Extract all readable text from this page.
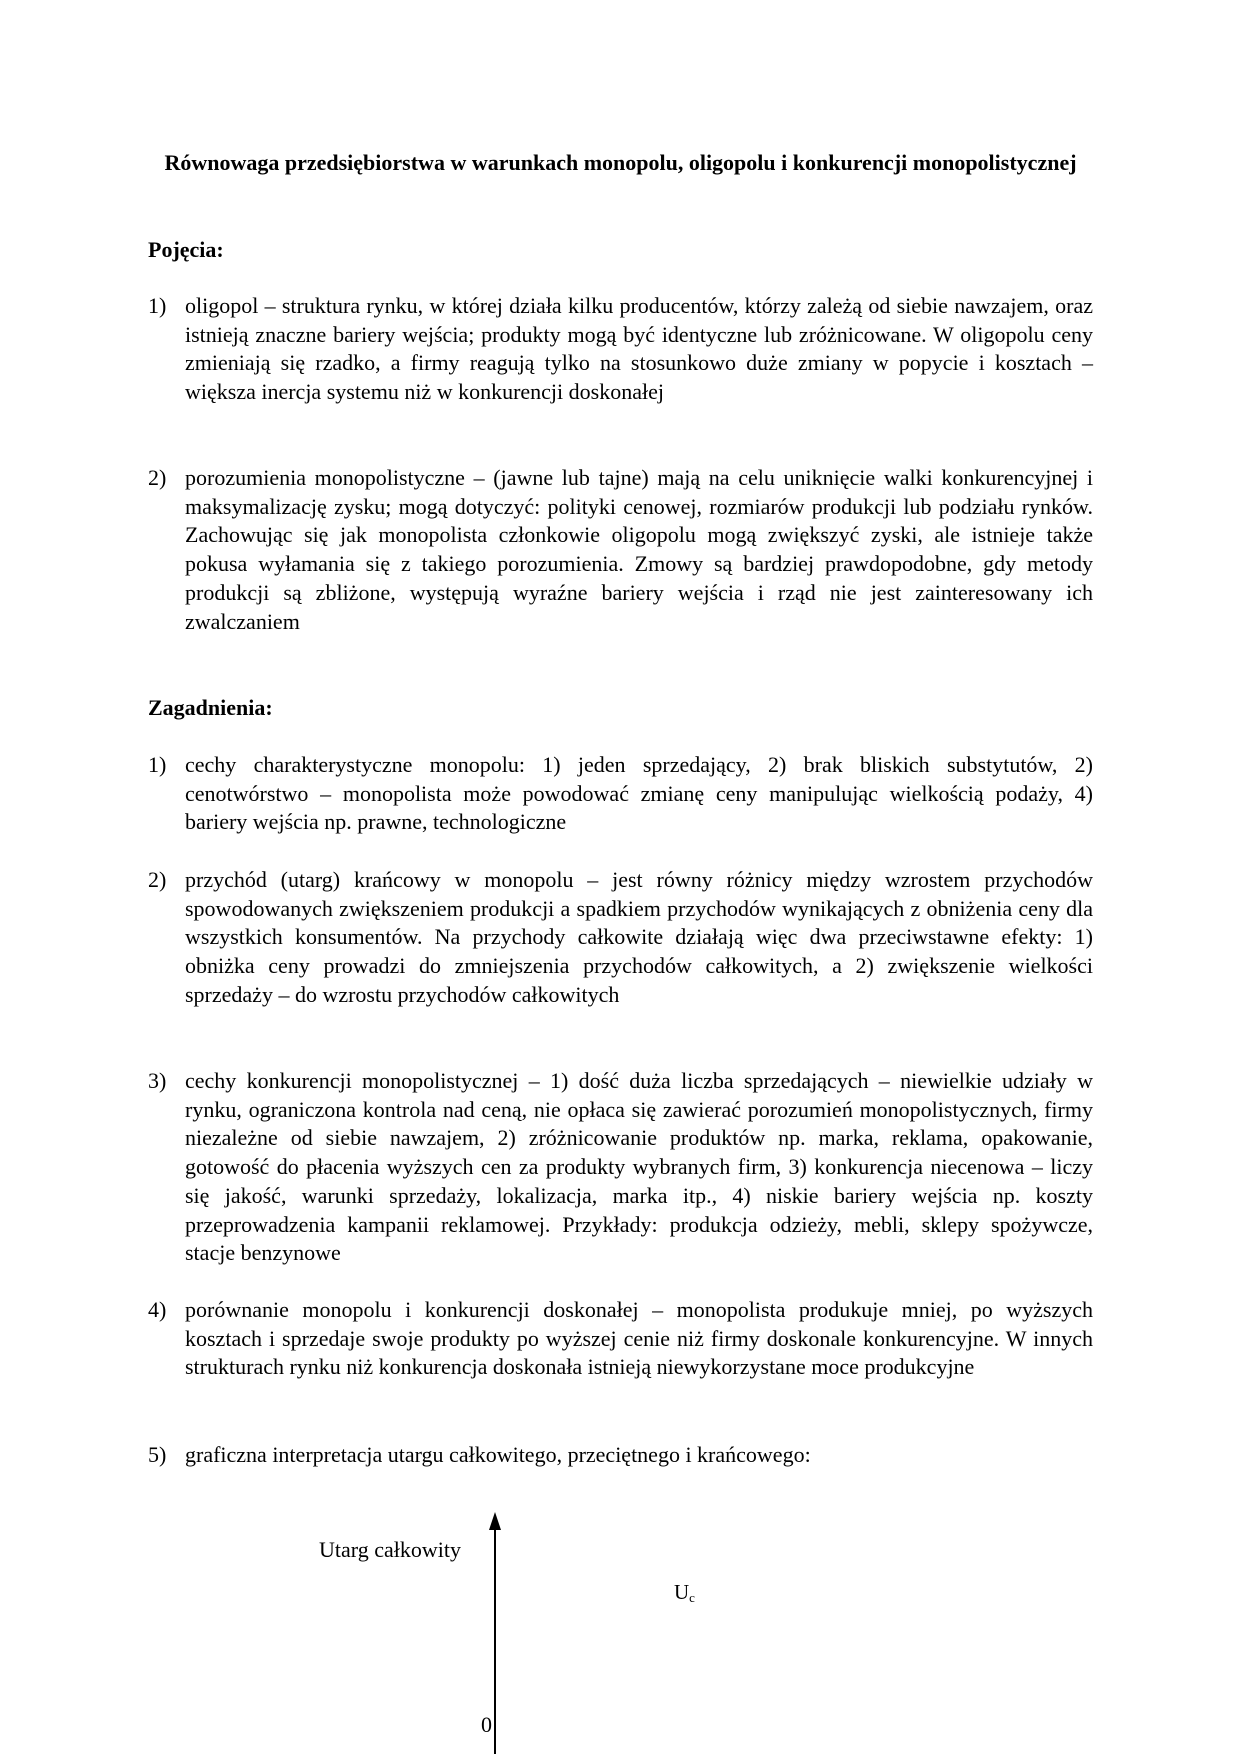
Równowaga przedsiębiorstwa w warunkach monopolu, oligopolu i konkurencji monopolistycznej
Pojęcia:
1) oligopol – struktura rynku, w której działa kilku producentów, którzy zależą od siebie nawzajem, oraz istnieją znaczne bariery wejścia; produkty mogą być identyczne lub zróżnicowane. W oligopolu ceny zmieniają się rzadko, a firmy reagują tylko na stosunkowo duże zmiany w popycie i kosztach – większa inercja systemu niż w konkurencji doskonałej
2) porozumienia monopolistyczne – (jawne lub tajne) mają na celu uniknięcie walki konkurencyjnej i maksymalizację zysku; mogą dotyczyć: polityki cenowej, rozmiarów produkcji lub podziału rynków. Zachowując się jak monopolista członkowie oligopolu mogą zwiększyć zyski, ale istnieje także pokusa wyłamania się z takiego porozumienia. Zmowy są bardziej prawdopodobne, gdy metody produkcji są zbliżone, występują wyraźne bariery wejścia i rząd nie jest zainteresowany ich zwalczaniem
Zagadnienia:
1) cechy charakterystyczne monopolu: 1) jeden sprzedający, 2) brak bliskich substytutów, 2) cenotwórstwo – monopolista może powodować zmianę ceny manipulując wielkością podaży, 4) bariery wejścia np. prawne, technologiczne
2) przychód (utarg) krańcowy w monopolu – jest równy różnicy między wzrostem przychodów spowodowanych zwiększeniem produkcji a spadkiem przychodów wynikających z obniżenia ceny dla wszystkich konsumentów. Na przychody całkowite działają więc dwa przeciwstawne efekty: 1) obniżka ceny prowadzi do zmniejszenia przychodów całkowitych, a 2) zwiększenie wielkości sprzedaży – do wzrostu przychodów całkowitych
3) cechy konkurencji monopolistycznej – 1) dość duża liczba sprzedających – niewielkie udziały w rynku, ograniczona kontrola nad ceną, nie opłaca się zawierać porozumień monopolistycznych, firmy niezależne od siebie nawzajem, 2) zróżnicowanie produktów np. marka, reklama, opakowanie, gotowość do płacenia wyższych cen za produkty wybranych firm, 3) konkurencja niecenowa – liczy się jakość, warunki sprzedaży, lokalizacja, marka itp., 4) niskie bariery wejścia np. koszty przeprowadzenia kampanii reklamowej. Przykłady: produkcja odzieży, mebli, sklepy spożywcze, stacje benzynowe
4) porównanie monopolu i konkurencji doskonałej – monopolista produkuje mniej, po wyższych kosztach i sprzedaje swoje produkty po wyższej cenie niż firmy doskonale konkurencyjne. W innych strukturach rynku niż konkurencja doskonała istnieją niewykorzystane moce produkcyjne
5) graficzna interpretacja utargu całkowitego, przeciętnego i krańcowego:
Utarg całkowity
$U_c$
0
